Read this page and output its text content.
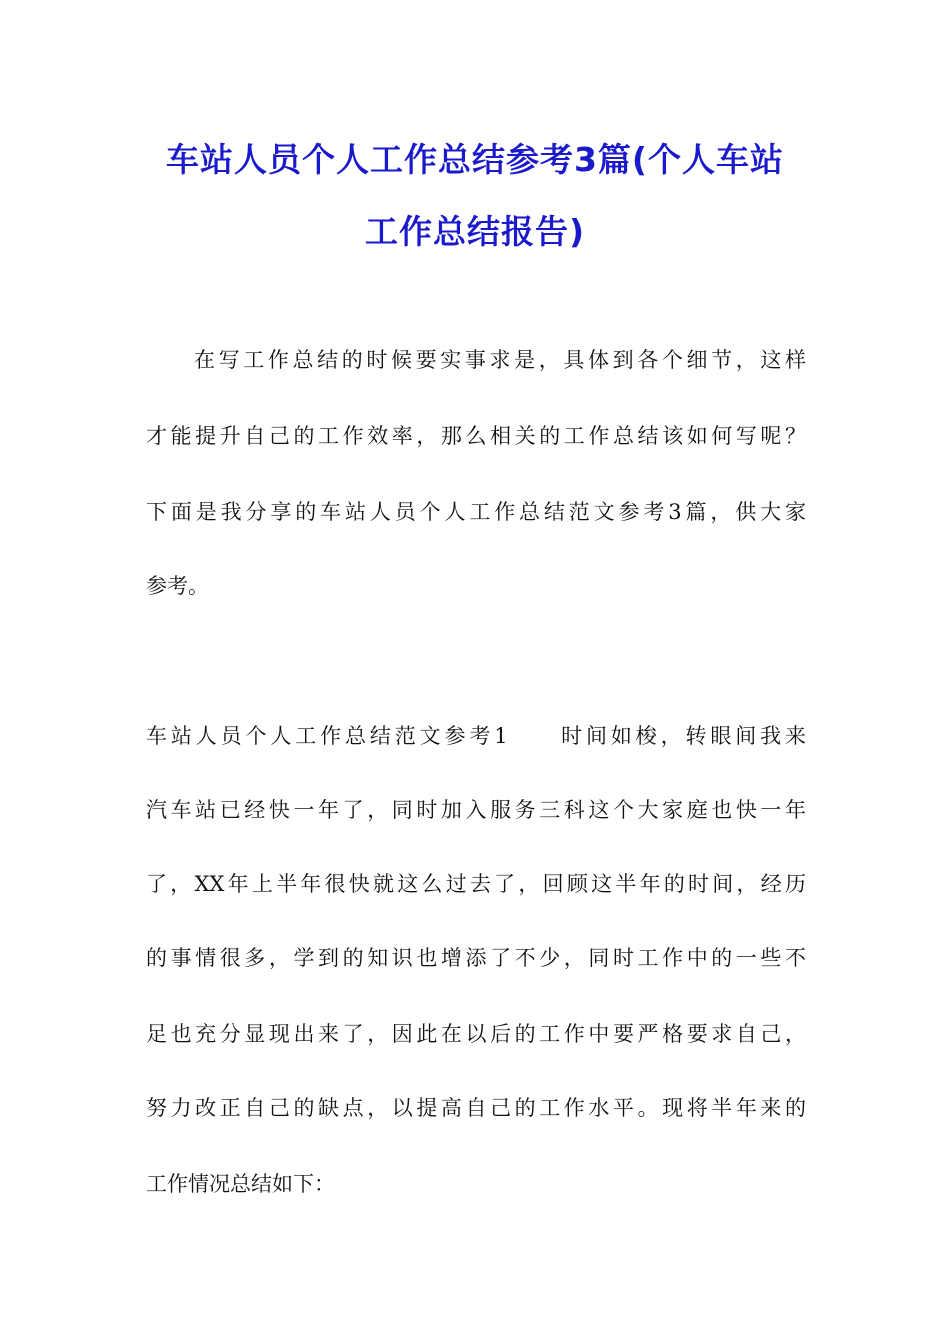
车站人员个人工作总结参考3篇(个人车站
工作总结报告)
在写工作总结的时候要实事求是，具体到各个细节，这样
才能提升自己的工作效率，那么相关的工作总结该如何写呢？
下面是我分享的车站人员个人工作总结范文参考3篇，供大家
参考。
车站人员个人工作总结范文参考1　　时间如梭，转眼间我来
汽车站已经快一年了，同时加入服务三科这个大家庭也快一年
了，XX年上半年很快就这么过去了，回顾这半年的时间，经历
的事情很多，学到的知识也增添了不少，同时工作中的一些不
足也充分显现出来了，因此在以后的工作中要严格要求自己，
努力改正自己的缺点，以提高自己的工作水平。现将半年来的
工作情况总结如下：
